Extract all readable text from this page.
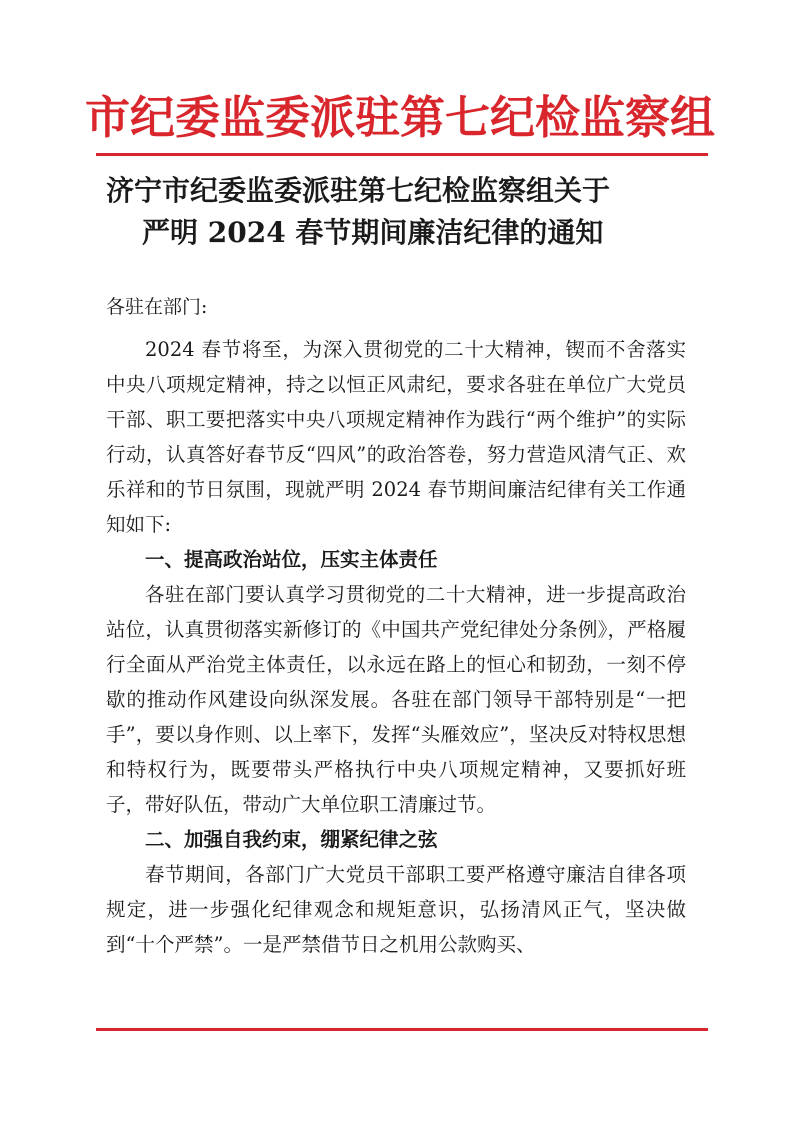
市纪委监委派驻第七纪检监察组
济宁市纪委监委派驻第七纪检监察组关于
严明 2024 春节期间廉洁纪律的通知
各驻在部门:

2024 春节将至，为深入贯彻党的二十大精神，锲而不舍落实中央八项规定精神，持之以恒正风肃纪，要求各驻在单位广大党员干部、职工要把落实中央八项规定精神作为践行“两个维护”的实际行动，认真答好春节反“四风”的政治答卷，努力营造风清气正、欢乐祥和的节日氛围，现就严明 2024 春节期间廉洁纪律有关工作通知如下:

一、提高政治站位，压实主体责任

各驻在部门要认真学习贯彻党的二十大精神，进一步提高政治站位，认真贯彻落实新修订的《中国共产党纪律处分条例》，严格履行全面从严治党主体责任，以永远在路上的恒心和韧劲，一刻不停歇的推动作风建设向纵深发展。各驻在部门领导干部特别是“一把手”，要以身作则、以上率下，发挥“头雁效应”，坚决反对特权思想和特权行为，既要带头严格执行中央八项规定精神，又要抓好班子，带好队伍，带动广大单位职工清廉过节。

二、加强自我约束，绷紧纪律之弦

春节期间，各部门广大党员干部职工要严格遵守廉洁自律各项规定，进一步强化纪律观念和规矩意识，弘扬清风正气，坚决做到“十个严禁”。一是严禁借节日之机用公款购买、
